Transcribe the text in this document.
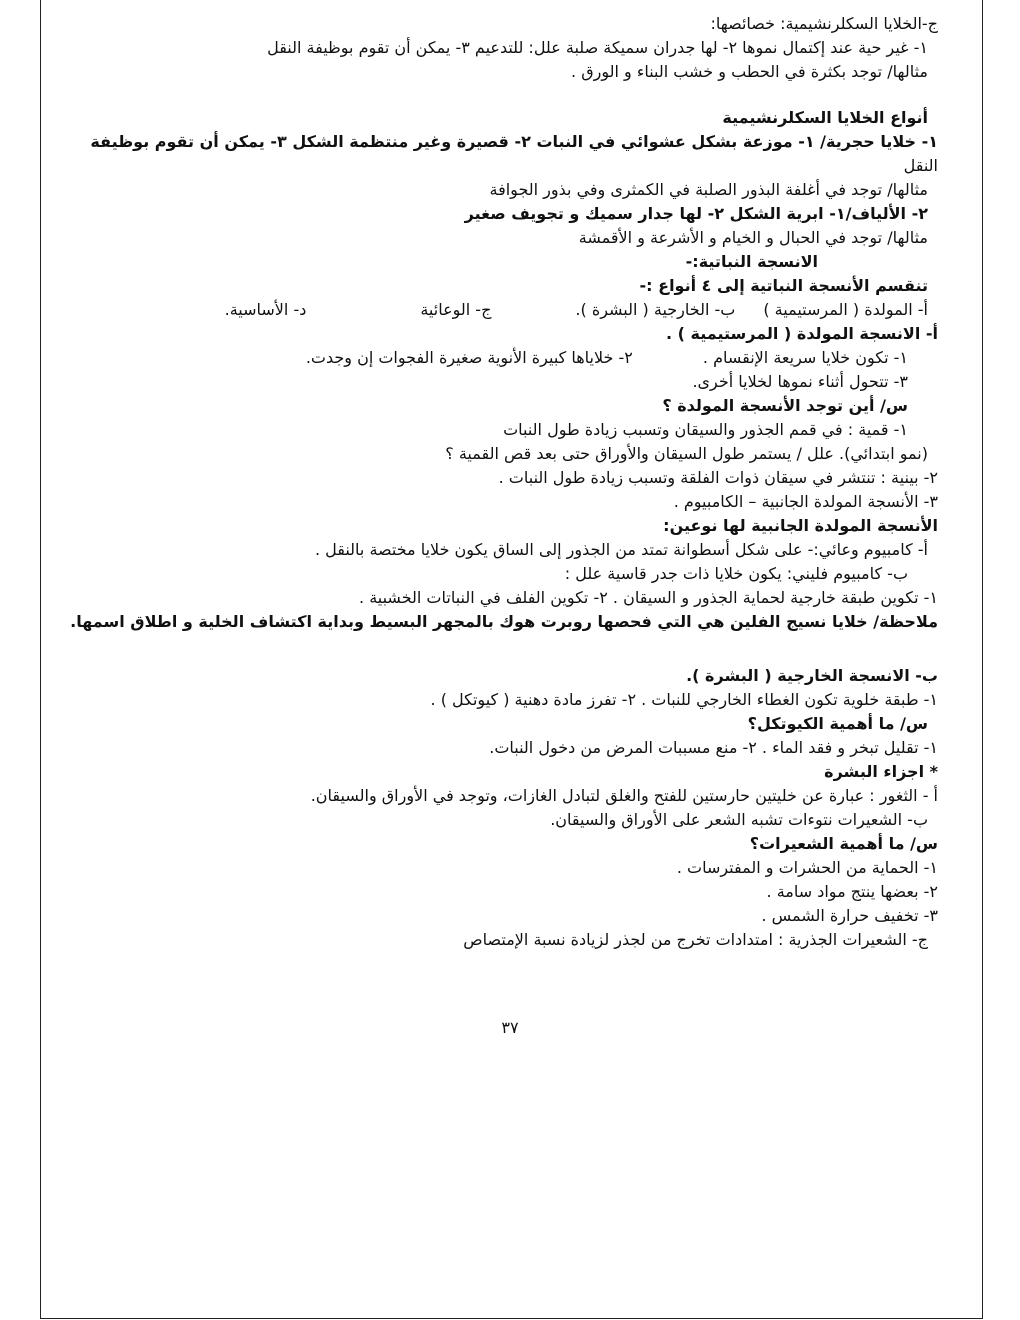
ج-الخلايا السكلرنشيمية: خصائصها:

١- غير حية عند إكتمال نموها ٢- لها جدران سميكة صلبة علل: للتدعيم ٣- يمكن أن تقوم بوظيفة النقل

مثالها/ توجد بكثرة في الحطب و خشب البناء و الورق .

أنواع الخلايا السكلرنشيمية

١- خلايا حجرية/ ١- موزعة بشكل عشوائي في النبات ٢- قصيرة وغير منتظمة الشكل ٣- يمكن أن تقوم بوظيفة

النقل

مثالها/ توجد في أغلفة البذور الصلبة في الكمثرى وفي بذور الجوافة

٢- الألياف/١- ابرية الشكل ٢- لها جدار سميك و تجويف صغير

مثالها/ توجد في الحبال و الخيام و الأشرعة و الأقمشة

الانسجة النباتية:-

تنقسم الأنسجة النباتية إلى ٤ أنواع :-

أ- المولدة ( المرستيمية )
ب- الخارجية ( البشرة ).
ج- الوعائية
د- الأساسية.

أ- الانسجة المولدة ( المرستيمية ) .

١- تكون خلايا سريعة الإنقسام .
٢- خلاياها كبيرة الأنوية صغيرة الفجوات إن وجدت.

٣- تتحول أثناء نموها لخلايا أخرى.

س/ أين توجد الأنسجة المولدة ؟

١- قمية : في قمم الجذور والسيقان وتسبب زيادة طول النبات

(نمو ابتدائي). علل / يستمر طول السيقان والأوراق حتى بعد قص القمية ؟

٢- بينية : تنتشر في سيقان ذوات الفلقة وتسبب زيادة طول النبات .

٣- الأنسجة المولدة الجانبية – الكامبيوم .

الأنسجة المولدة الجانبية لها نوعين:

أ- كامبيوم وعائي:- على شكل أسطوانة تمتد من الجذور إلى الساق يكون خلايا مختصة بالنقل .

ب- كامبيوم فليني: يكون خلايا ذات جدر قاسية علل :

١- تكوين طبقة خارجية لحماية الجذور و السيقان . ٢- تكوين الفلف في النباتات الخشبية .

ملاحظة/ خلايا نسيج الفلين هي التي فحصها روبرت هوك بالمجهر البسيط وبداية اكتشاف الخلية و اطلاق اسمها.

ب- الانسجة الخارجية ( البشرة ).

١- طبقة خلوية تكون الغطاء الخارجي للنبات . ٢- تفرز مادة دهنية ( كيوتكل ) .

س/ ما أهمية الكيوتكل؟

١- تقليل تبخر و فقد الماء . ٢- منع مسببات المرض من دخول النبات.

* اجزاء البشرة

أ - الثغور : عبارة عن خليتين حارستين للفتح والغلق لتبادل الغازات، وتوجد في الأوراق والسيقان.

ب- الشعيرات نتوءات تشبه الشعر على الأوراق والسيقان.

س/ ما أهمية الشعيرات؟

١- الحماية من الحشرات و المفترسات .

٢- بعضها ينتج مواد سامة .

٣- تخفيف حرارة الشمس .

ج- الشعيرات الجذرية : امتدادات تخرج من لجذر لزيادة نسبة الإمتصاص

٣٧
